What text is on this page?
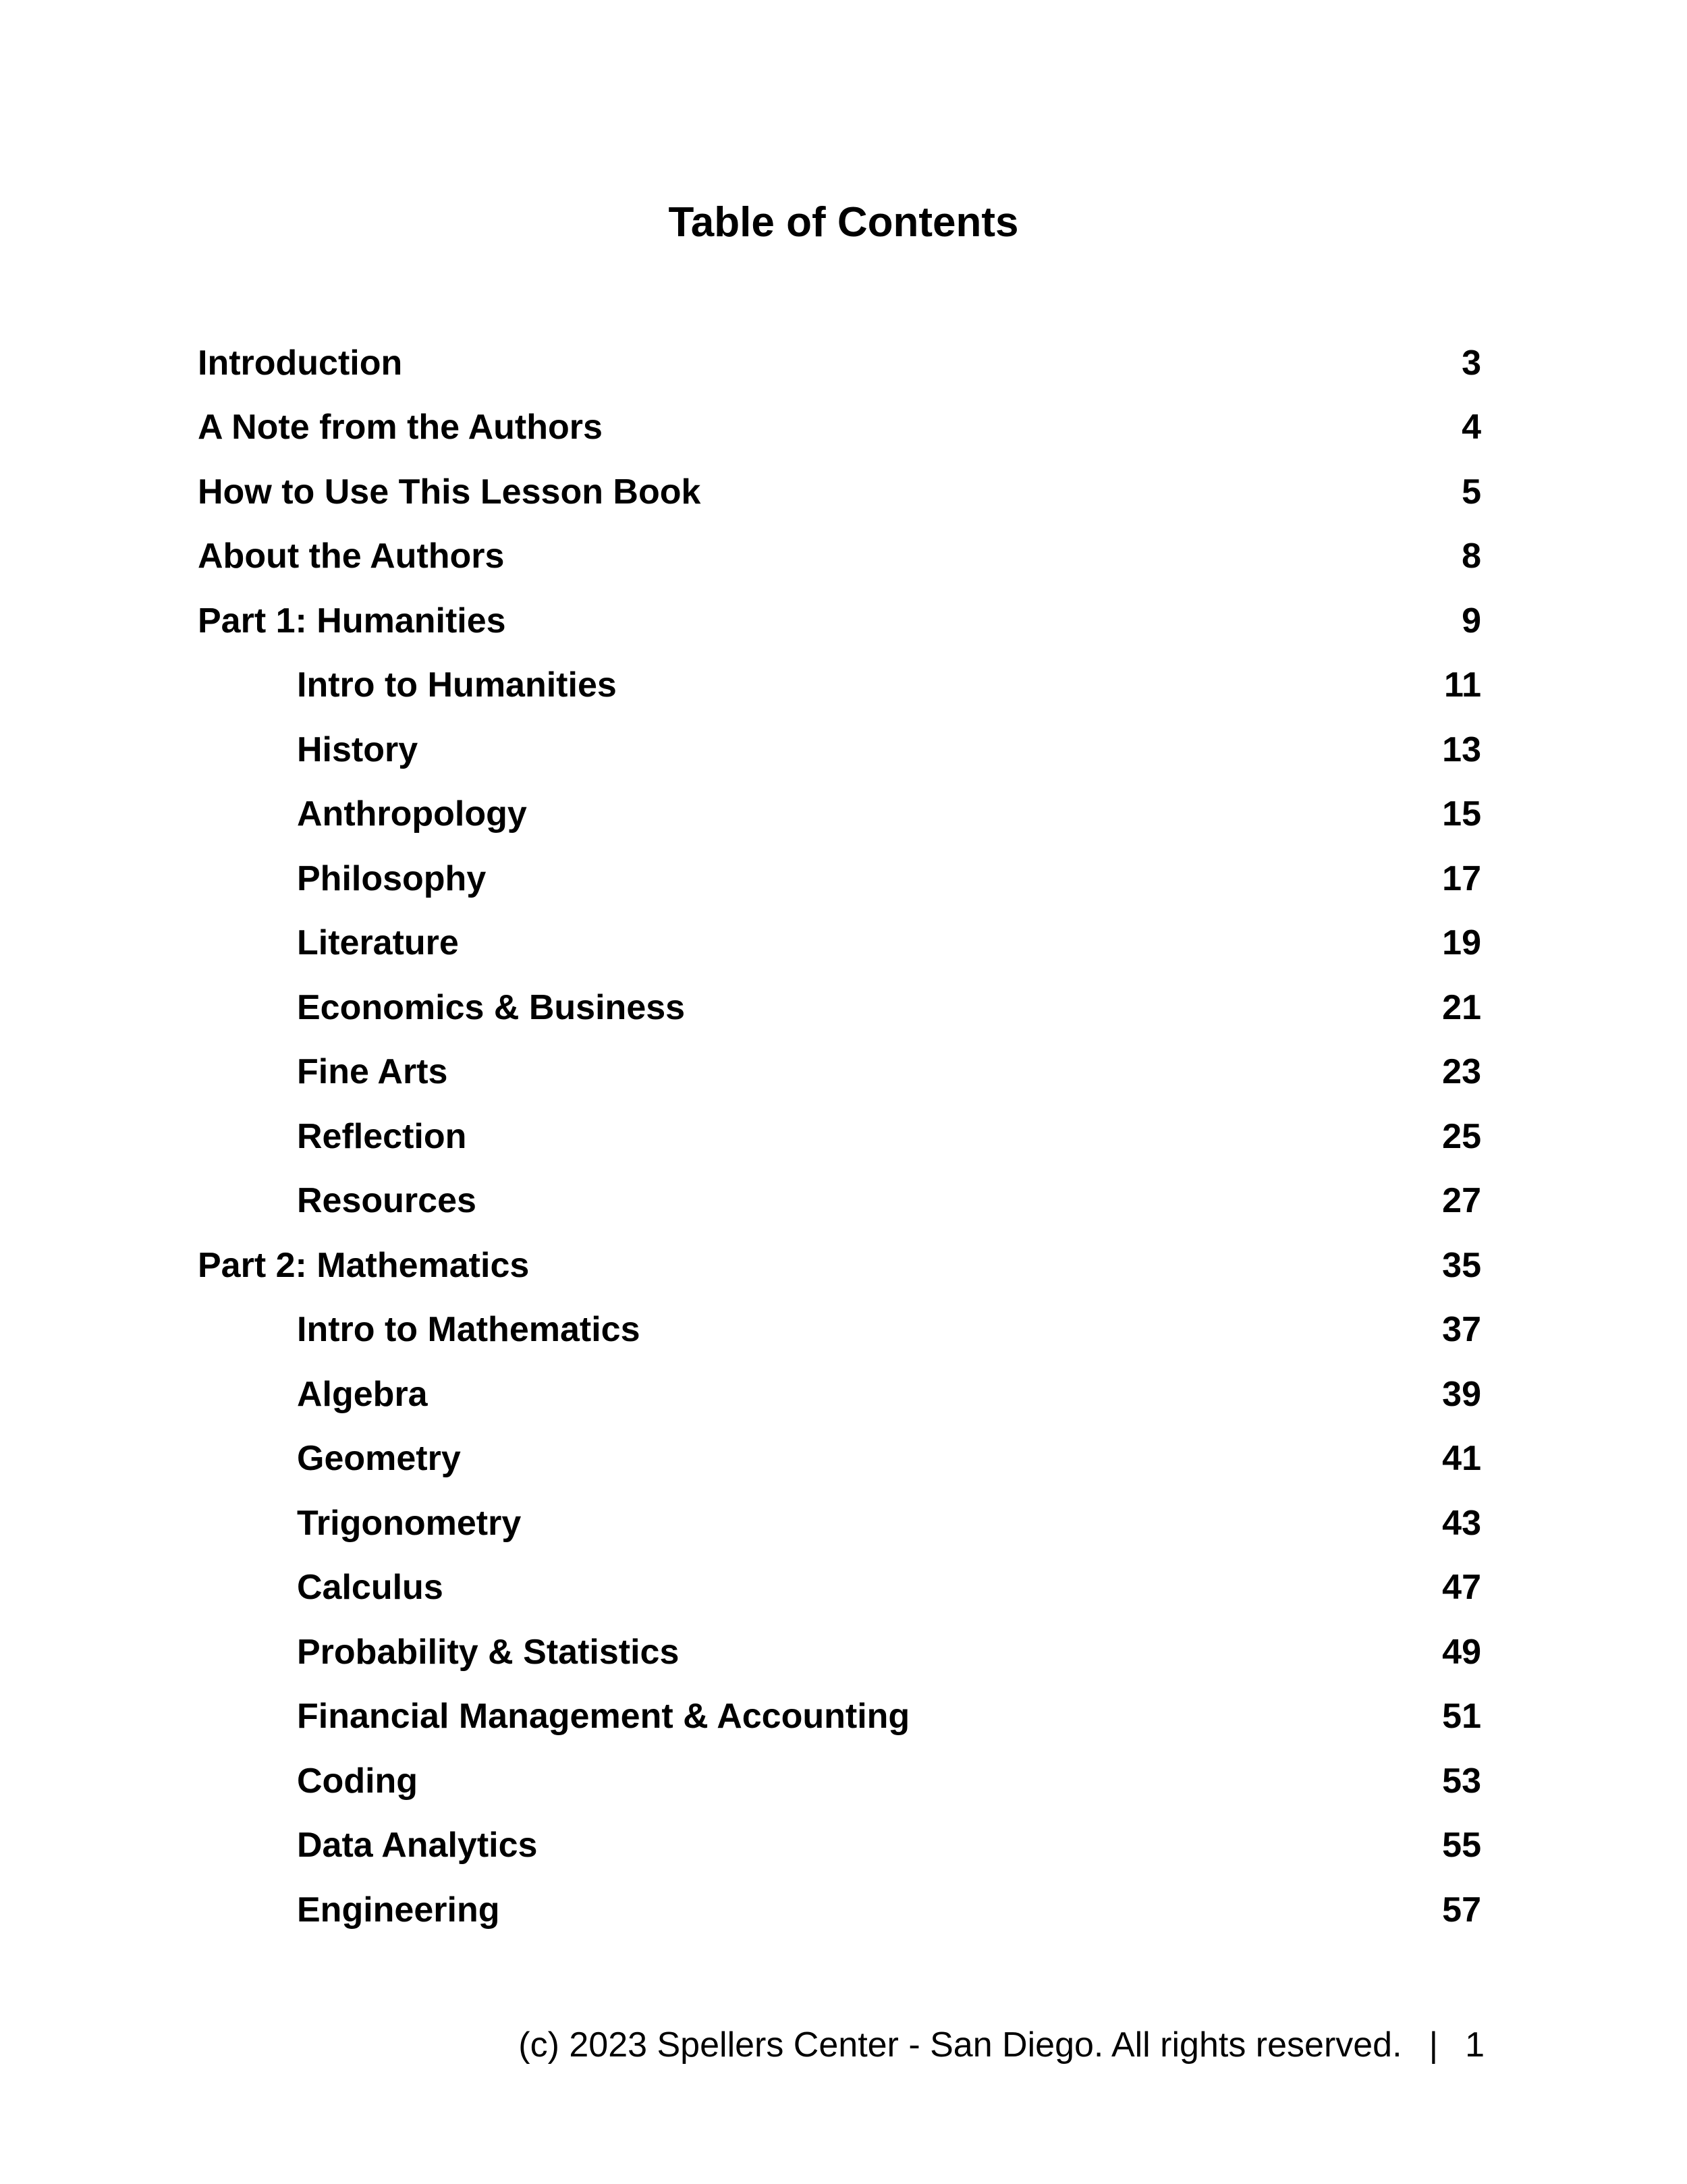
Table of Contents
Introduction	3
A Note from the Authors	4
How to Use This Lesson Book	5
About the Authors	8
Part 1: Humanities	9
Intro to Humanities	11
History	13
Anthropology	15
Philosophy	17
Literature	19
Economics & Business	21
Fine Arts	23
Reflection	25
Resources	27
Part 2: Mathematics	35
Intro to Mathematics	37
Algebra	39
Geometry	41
Trigonometry	43
Calculus	47
Probability & Statistics	49
Financial Management & Accounting	51
Coding	53
Data Analytics	55
Engineering	57
(c) 2023 Spellers Center - San Diego. All rights reserved. | 1
